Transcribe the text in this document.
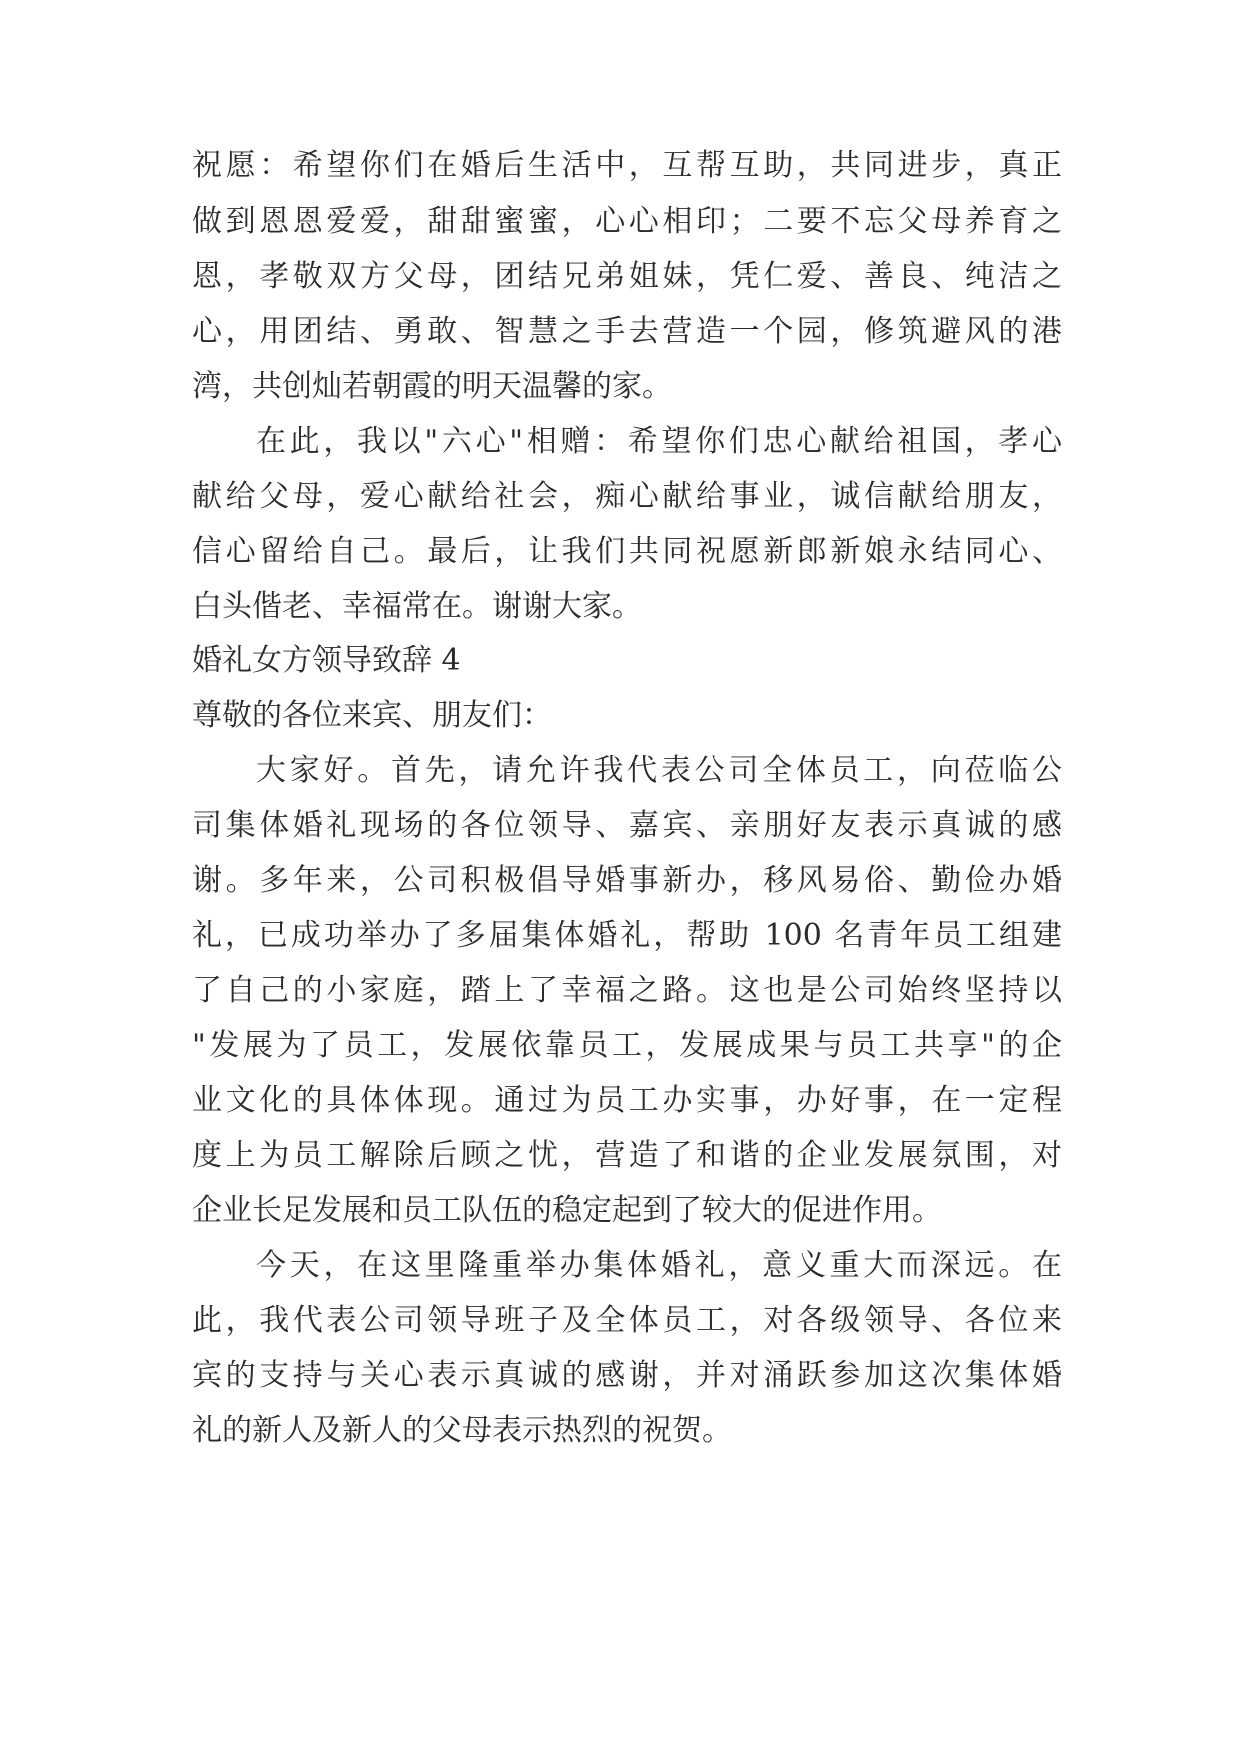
祝愿：希望你们在婚后生活中，互帮互助，共同进步，真正
做到恩恩爱爱，甜甜蜜蜜，心心相印；二要不忘父母养育之
恩，孝敬双方父母，团结兄弟姐妹，凭仁爱、善良、纯洁之
心，用团结、勇敢、智慧之手去营造一个园，修筑避风的港
湾，共创灿若朝霞的明天温馨的家。
在此，我以"六心"相赠：希望你们忠心献给祖国，孝心
献给父母，爱心献给社会，痴心献给事业，诚信献给朋友，
信心留给自己。最后，让我们共同祝愿新郎新娘永结同心、
白头偕老、幸福常在。谢谢大家。
婚礼女方领导致辞 4
尊敬的各位来宾、朋友们：
大家好。首先，请允许我代表公司全体员工，向莅临公
司集体婚礼现场的各位领导、嘉宾、亲朋好友表示真诚的感
谢。多年来，公司积极倡导婚事新办，移风易俗、勤俭办婚
礼，已成功举办了多届集体婚礼，帮助 100 名青年员工组建
了自己的小家庭，踏上了幸福之路。这也是公司始终坚持以
"发展为了员工，发展依靠员工，发展成果与员工共享"的企
业文化的具体体现。通过为员工办实事，办好事，在一定程
度上为员工解除后顾之忧，营造了和谐的企业发展氛围，对
企业长足发展和员工队伍的稳定起到了较大的促进作用。
今天，在这里隆重举办集体婚礼，意义重大而深远。在
此，我代表公司领导班子及全体员工，对各级领导、各位来
宾的支持与关心表示真诚的感谢，并对涌跃参加这次集体婚
礼的新人及新人的父母表示热烈的祝贺。
